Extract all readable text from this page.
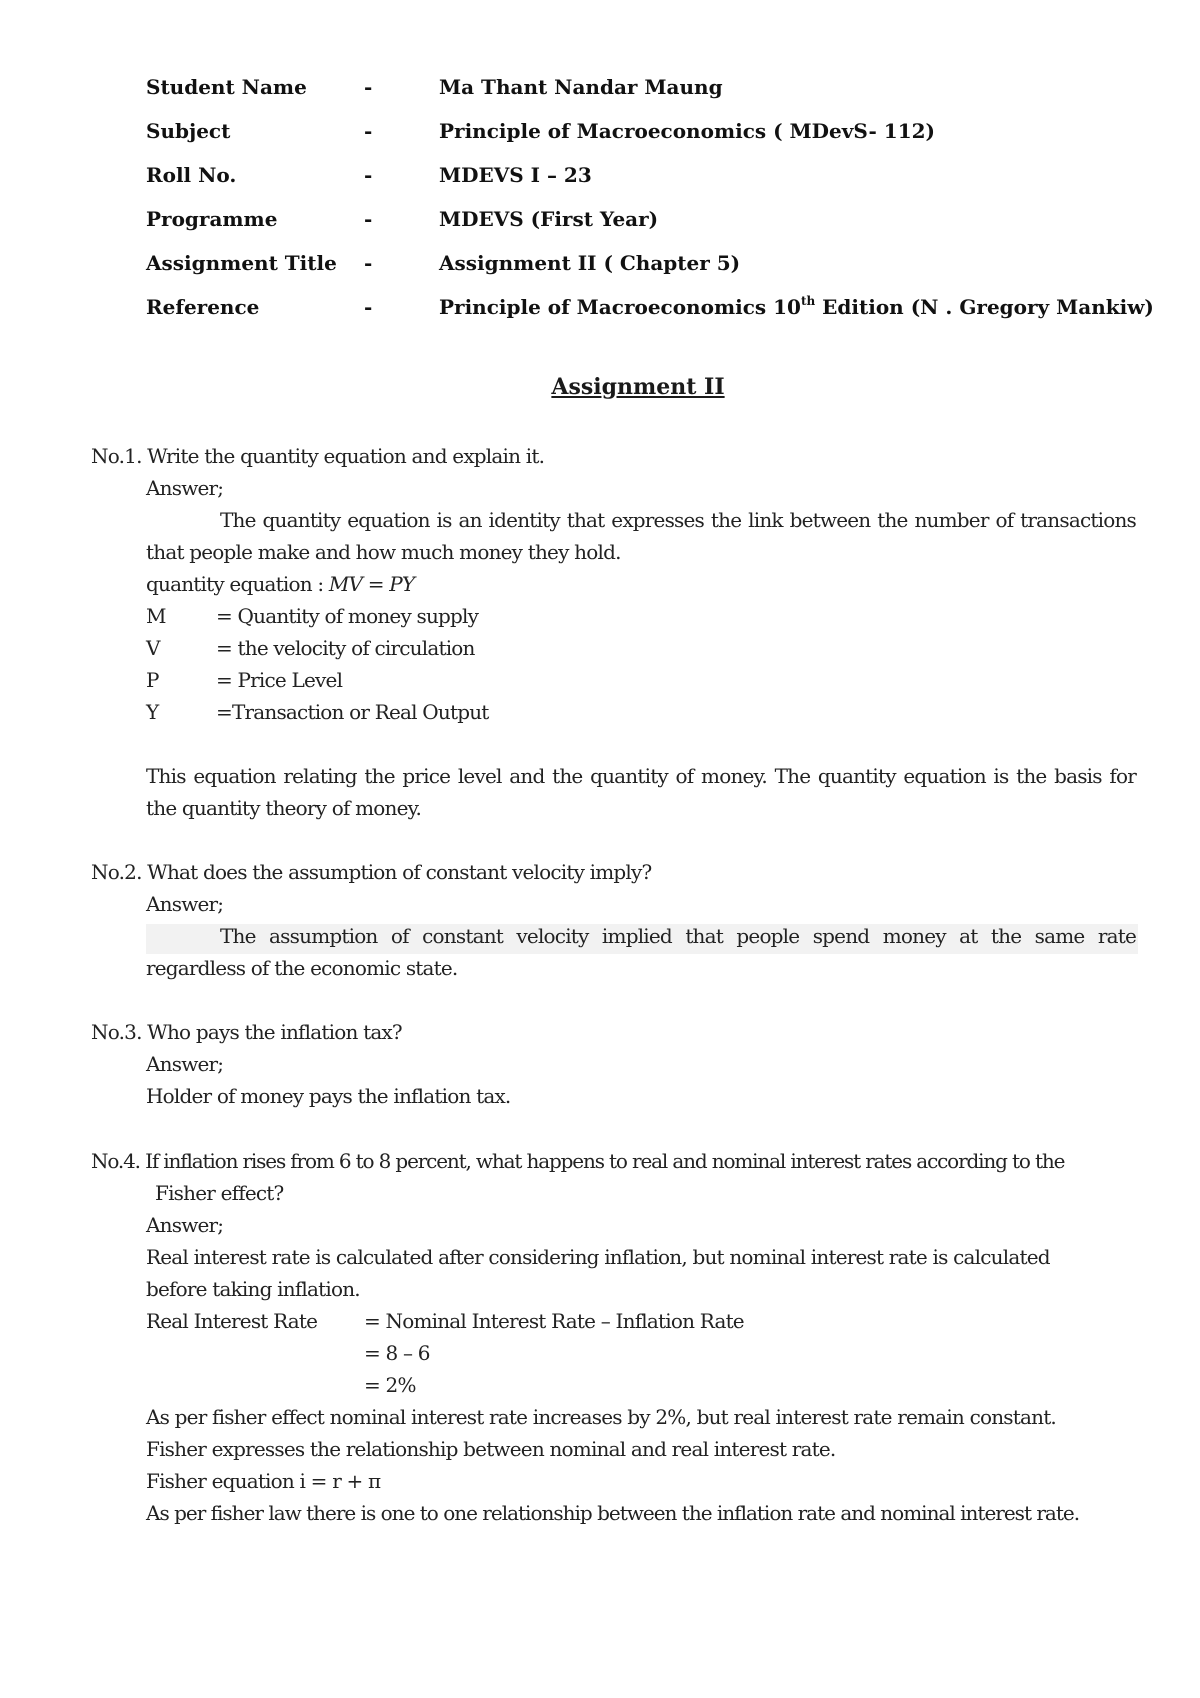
Student Name	-	Ma Thant Nandar Maung
Subject	-	Principle of Macroeconomics ( MDevS- 112)
Roll No.	-	MDEVS I – 23
Programme	-	MDEVS (First Year)
Assignment Title -	Assignment II ( Chapter 5)
Reference	-	Principle of Macroeconomics 10th Edition (N . Gregory Mankiw)
Assignment II
No.1. Write the quantity equation and explain it.
Answer;
The quantity equation is an identity that expresses the link between the number of transactions that people make and how much money they hold.
quantity equation : MV = PY
M	= Quantity of money supply
V	= the velocity of circulation
P	= Price Level
Y	=Transaction or Real Output
This equation relating the price level and the quantity of money. The quantity equation is the basis for the quantity theory of money.
No.2. What does the assumption of constant velocity imply?
Answer;
The assumption of constant velocity implied that people spend money at the same rate regardless of the economic state.
No.3. Who pays the inflation tax?
Answer;
Holder of money pays the inflation tax.
No.4. If inflation rises from 6 to 8 percent, what happens to real and nominal interest rates according to the
Fisher effect?
Answer;
Real interest rate is calculated after considering inflation, but nominal interest rate is calculated
before taking inflation.
Real Interest Rate = Nominal Interest Rate – Inflation Rate
= 8 – 6
= 2%
As per fisher effect nominal interest rate increases by 2%, but real interest rate remain constant.
Fisher expresses the relationship between nominal and real interest rate.
Fisher equation i = r + π
As per fisher law there is one to one relationship between the inflation rate and nominal interest rate.
